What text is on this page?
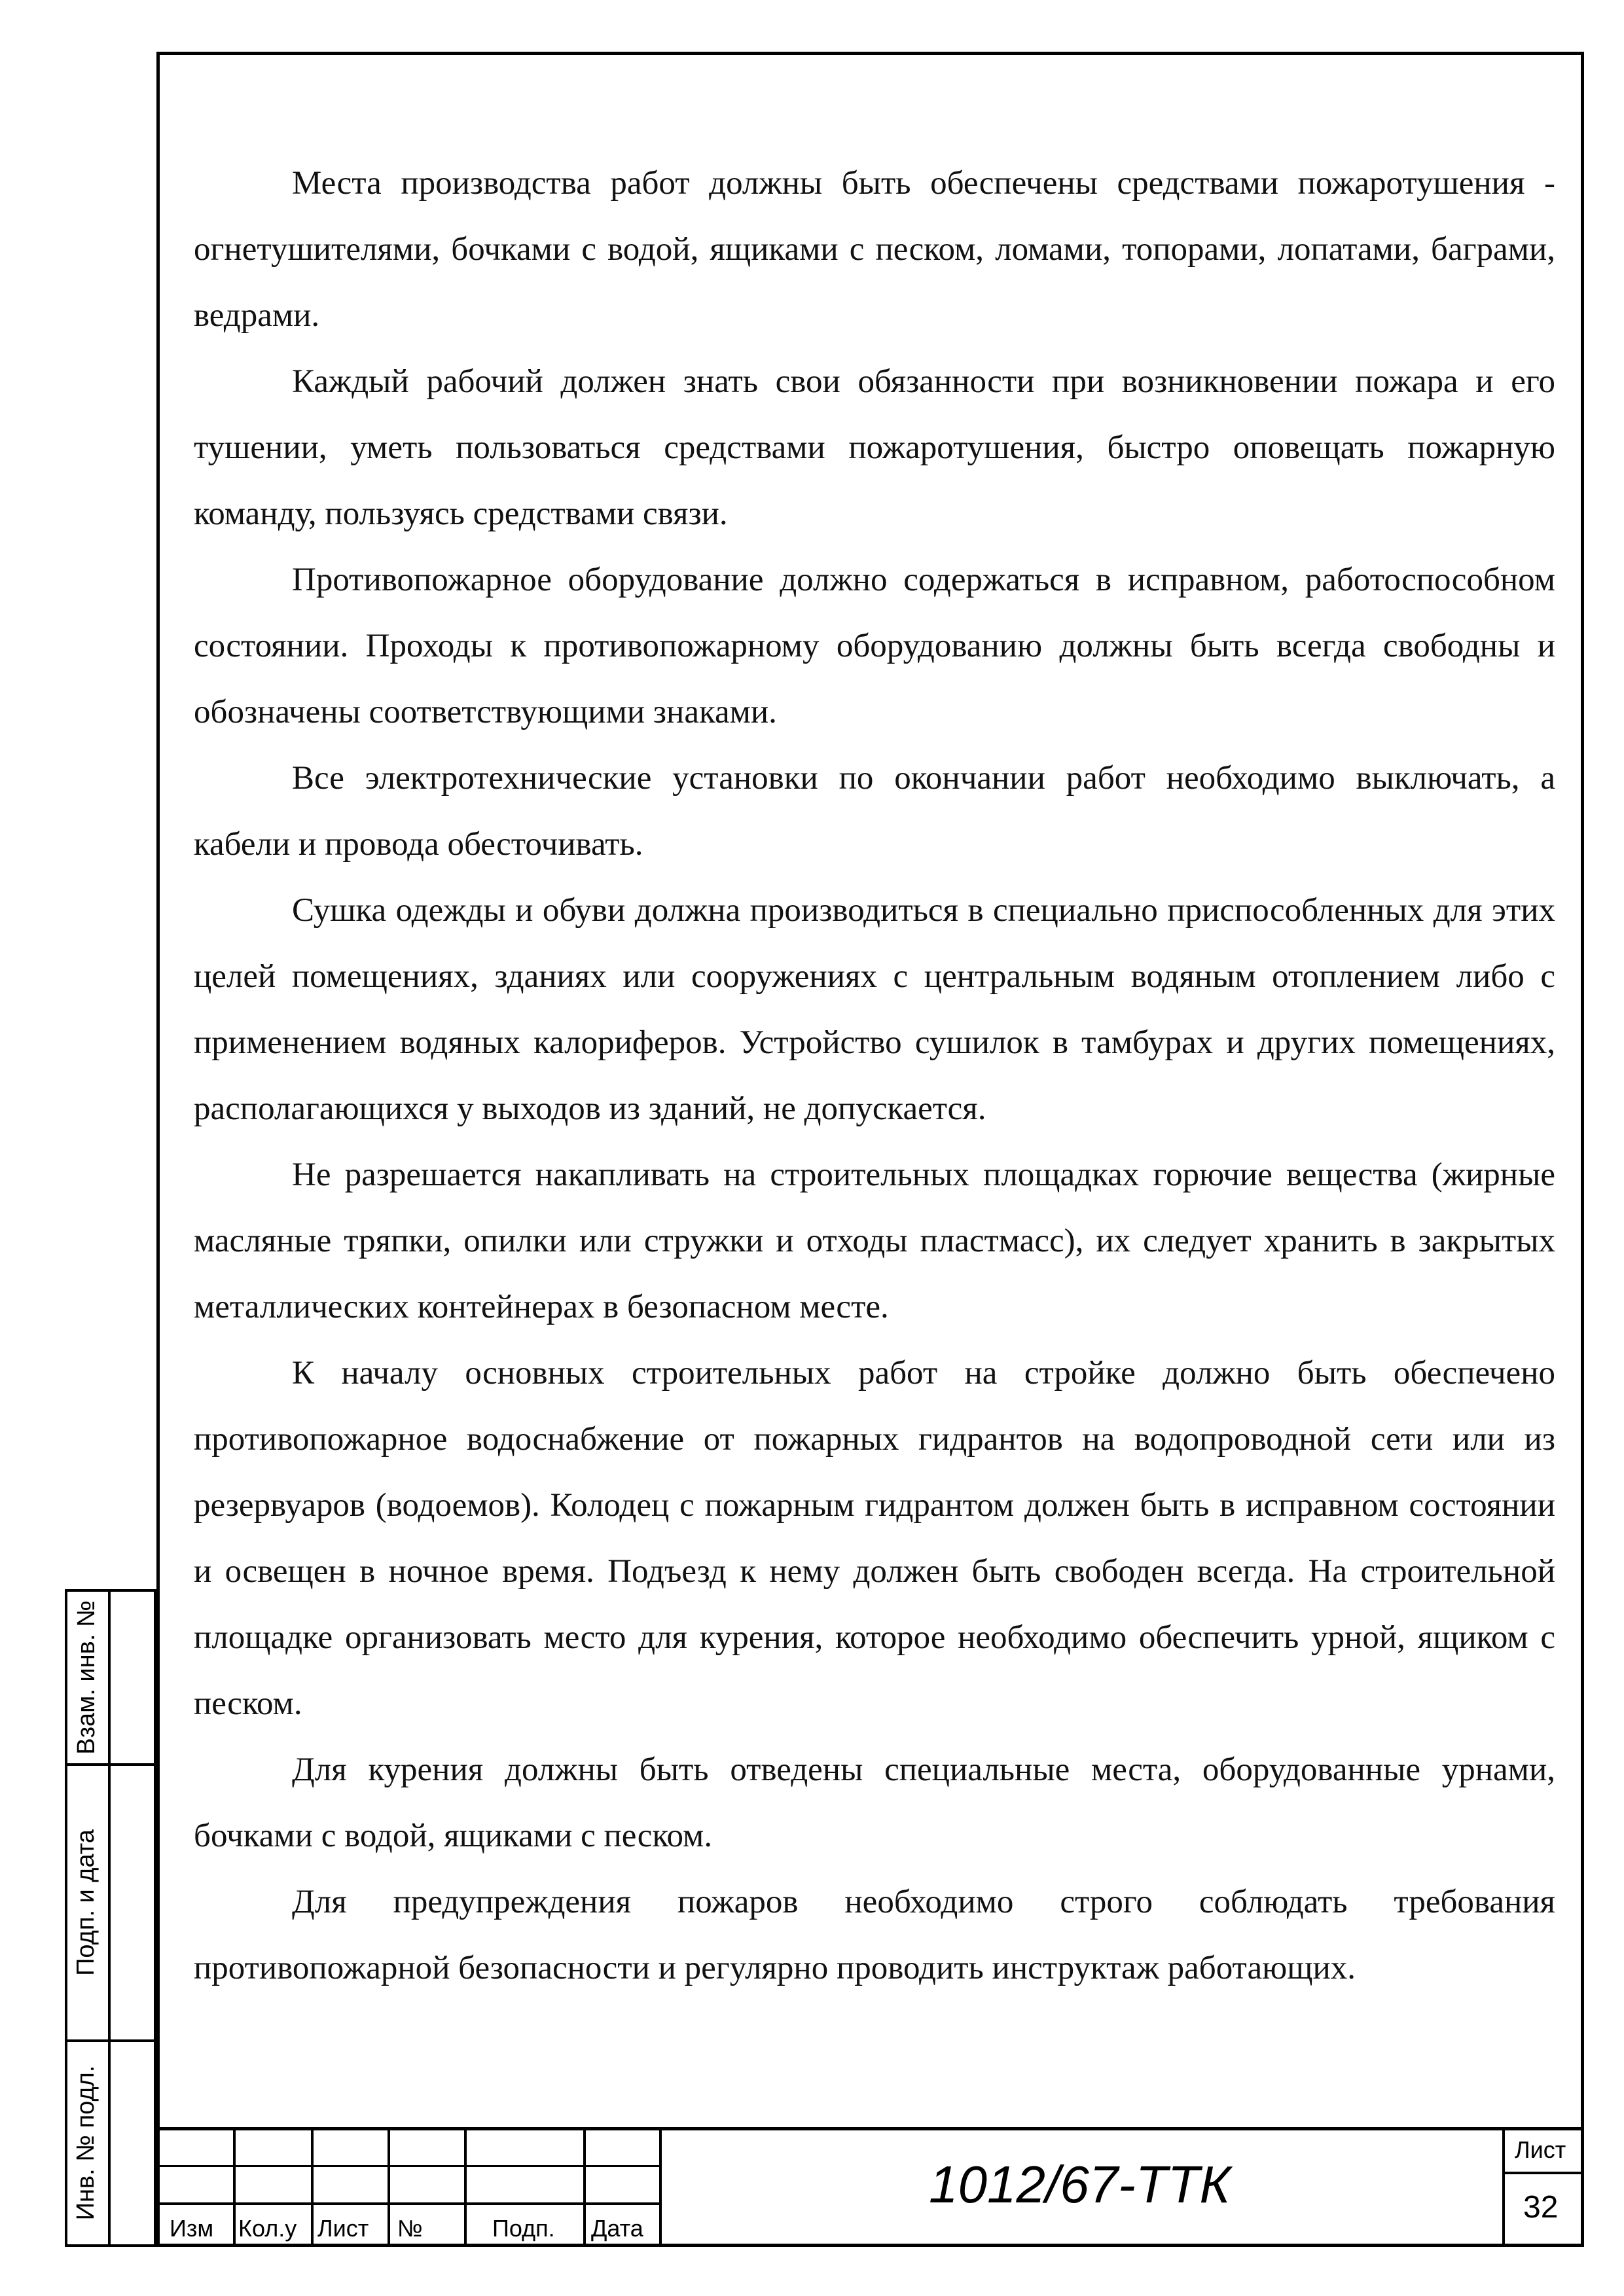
Места производства работ должны быть обеспечены средствами пожаротушения - огнетушителями, бочками с водой, ящиками с песком, ломами, топорами, лопатами, баграми, ведрами.

Каждый рабочий должен знать свои обязанности при возникновении пожара и его тушении, уметь пользоваться средствами пожаротушения, быстро оповещать пожарную команду, пользуясь средствами связи.

Противопожарное оборудование должно содержаться в исправном, работоспособном состоянии. Проходы к противопожарному оборудованию должны быть всегда свободны и обозначены соответствующими знаками.

Все электротехнические установки по окончании работ необходимо выключать, а кабели и провода обесточивать.

Сушка одежды и обуви должна производиться в специально приспособленных для этих целей помещениях, зданиях или сооружениях с центральным водяным отоплением либо с применением водяных калориферов. Устройство сушилок в тамбурах и других помещениях, располагающихся у выходов из зданий, не допускается.

Не разрешается накапливать на строительных площадках горючие вещества (жирные масляные тряпки, опилки или стружки и отходы пластмасс), их следует хранить в закрытых металлических контейнерах в безопасном месте.

К началу основных строительных работ на стройке должно быть обеспечено противопожарное водоснабжение от пожарных гидрантов на водопроводной сети или из резервуаров (водоемов). Колодец с пожарным гидрантом должен быть в исправном состоянии и освещен в ночное время. Подъезд к нему должен быть свободен всегда. На строительной площадке организовать место для курения, которое необходимо обеспечить урной, ящиком с песком.

Для курения должны быть отведены специальные места, оборудованные урнами, бочками с водой, ящиками с песком.

Для предупреждения пожаров необходимо строго соблюдать требования противопожарной безопасности и регулярно проводить инструктаж работающих.

Взам. инв. №
Подп. и дата
Инв. № подл.
Изм Кол.у Лист №	Подп. Дата
1012/67-ТТК
Лист
32
